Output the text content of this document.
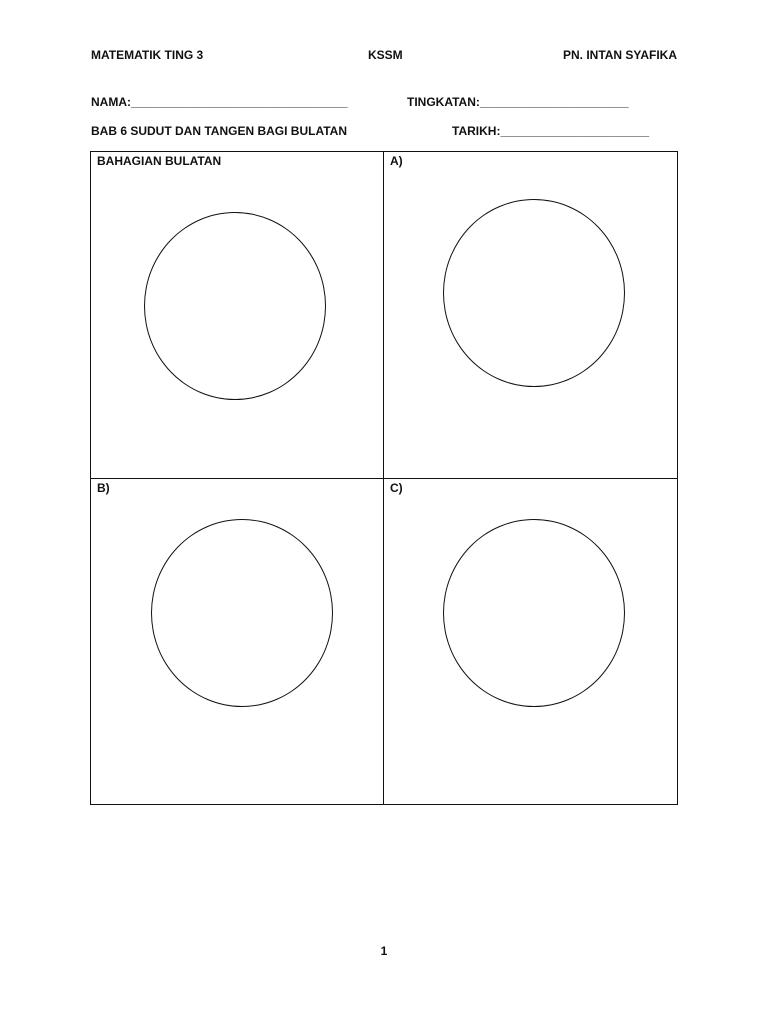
MATEMATIK TING 3	KSSM	PN. INTAN SYAFIKA
NAMA:___________________________________	TINGKATAN:________________________
BAB 6 SUDUT DAN TANGEN BAGI BULATAN	TARIKH:________________________
BAHAGIAN BULATAN	A)
B)	C)
1
